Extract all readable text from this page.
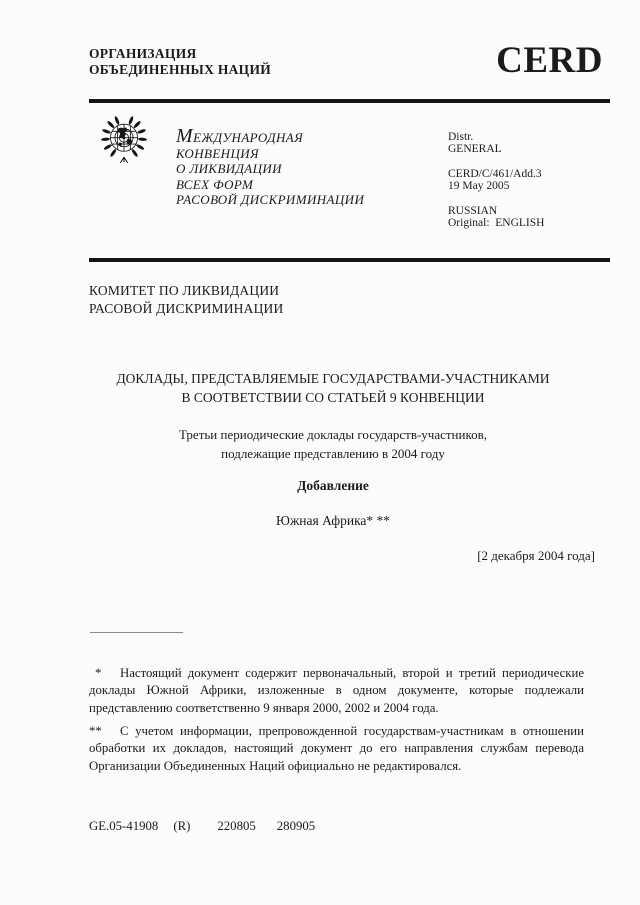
ОРГАНИЗАЦИЯ
ОБЪЕДИНЕННЫХ НАЦИЙ	CERD
МЕЖДУНАРОДНАЯ
КОНВЕНЦИЯ
О ЛИКВИДАЦИИ
ВСЕХ ФОРМ
РАСОВОЙ ДИСКРИМИНАЦИИ
Distr.
GENERAL
CERD/C/461/Add.3
19 May 2005
RUSSIAN
Original:  ENGLISH
КОМИТЕТ ПО ЛИКВИДАЦИИ
РАСОВОЙ ДИСКРИМИНАЦИИ
ДОКЛАДЫ, ПРЕДСТАВЛЯЕМЫЕ ГОСУДАРСТВАМИ-УЧАСТНИКАМИ
В СООТВЕТСТВИИ СО СТАТЬЕЙ 9 КОНВЕНЦИИ
Третьи периодические доклады государств-участников,
подлежащие представлению в 2004 году
Добавление
Южная Африка* **
[2 декабря 2004 года]

* Настоящий документ содержит первоначальный, второй и третий периодические доклады Южной Африки, изложенные в одном документе, которые подлежали представлению соответственно 9 января 2000, 2002 и 2004 года.

** С учетом информации, препровожденной государствам-участникам в отношении обработки их докладов, настоящий документ до его направления службам перевода Организации Объединенных Наций официально не редактировался.

GE.05-41908 (R) 220805 280905
